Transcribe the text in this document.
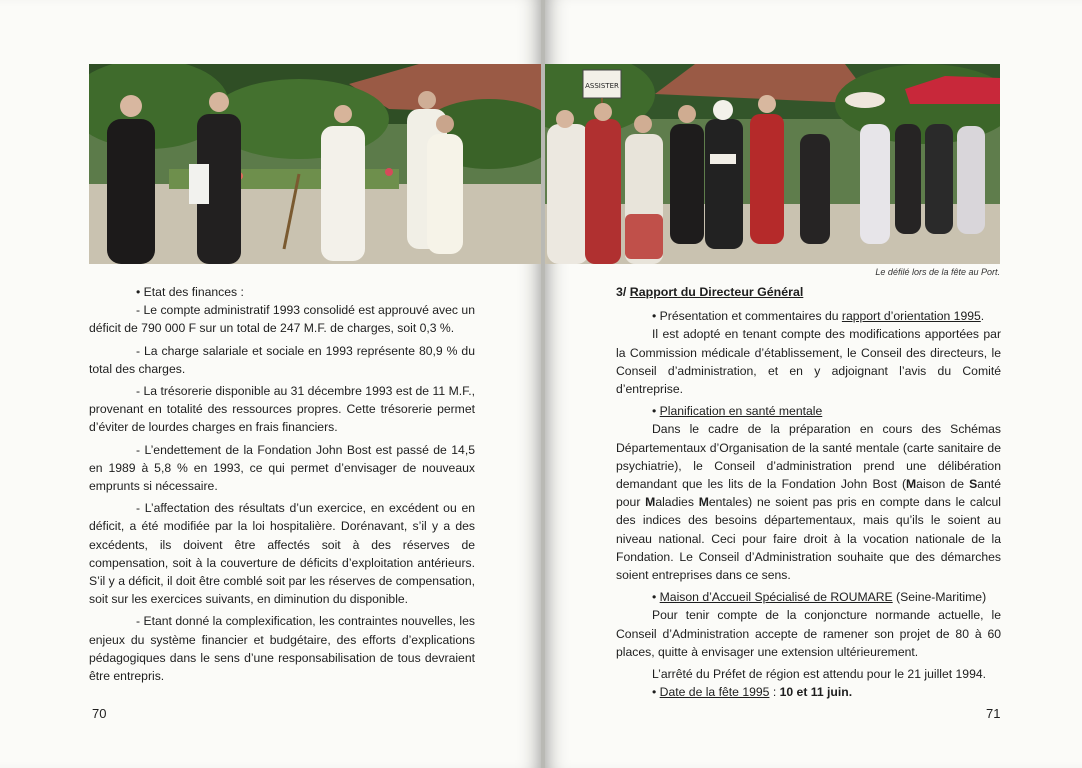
• Etat des finances :

- Le compte administratif 1993 consolidé est approuvé avec un déficit de 790 000 F sur un total de 247 M.F. de charges, soit 0,3 %.

- La charge salariale et sociale en 1993 représente 80,9 % du total des charges.

- La trésorerie disponible au 31 décembre 1993 est de 11 M.F., provenant en totalité des ressources propres. Cette trésorerie permet d’éviter de lourdes charges en frais financiers.

- L’endettement de la Fondation John Bost est passé de 14,5 en 1989 à 5,8 % en 1993, ce qui permet d’envisager de nouveaux emprunts si nécessaire.

- L’affectation des résultats d’un exercice, en excédent ou en déficit, a été modifiée par la loi hospitalière. Dorénavant, s’il y a des excédents, ils doivent être affectés soit à des réserves de compensation, soit à la couverture de déficits d’exploitation antérieurs. S’il y a déficit, il doit être comblé soit par les réserves de compensation, soit sur les exercices suivants, en diminution du disponible.

- Etant donné la complexification, les contraintes nouvelles, les enjeux du système financier et budgétaire, des efforts d’explications pédagogiques dans le sens d’une responsabilisation de tous devraient être entrepris.

70
ASSISTER
Le défilé lors de la fête au Port.
3/ Rapport du Directeur Général

• Présentation et commentaires du rapport d’orientation 1995.

Il est adopté en tenant compte des modifications apportées par la Commission médicale d’établissement, le Conseil des directeurs, le Conseil d’administration, et en y adjoignant l’avis du Comité d’entreprise.

• Planification en santé mentale

Dans le cadre de la préparation en cours des Schémas Départementaux d’Organisation de la santé mentale (carte sanitaire de psychiatrie), le Conseil d’administration prend une délibération demandant que les lits de la Fondation John Bost (Maison de Santé pour Maladies Mentales) ne soient pas pris en compte dans le calcul des indices des besoins départementaux, mais qu’ils le soient au niveau national. Ceci pour faire droit à la vocation nationale de la Fondation. Le Conseil d’Administration souhaite que des démarches soient entreprises dans ce sens.

• Maison d’Accueil Spécialisé de ROUMARE (Seine-Maritime)

Pour tenir compte de la conjoncture normande actuelle, le Conseil d’Administration accepte de ramener son projet de 80 à 60 places, quitte à envisager une extension ultérieurement.

L’arrêté du Préfet de région est attendu pour le 21 juillet 1994.

• Date de la fête 1995 : 10 et 11 juin.

71
